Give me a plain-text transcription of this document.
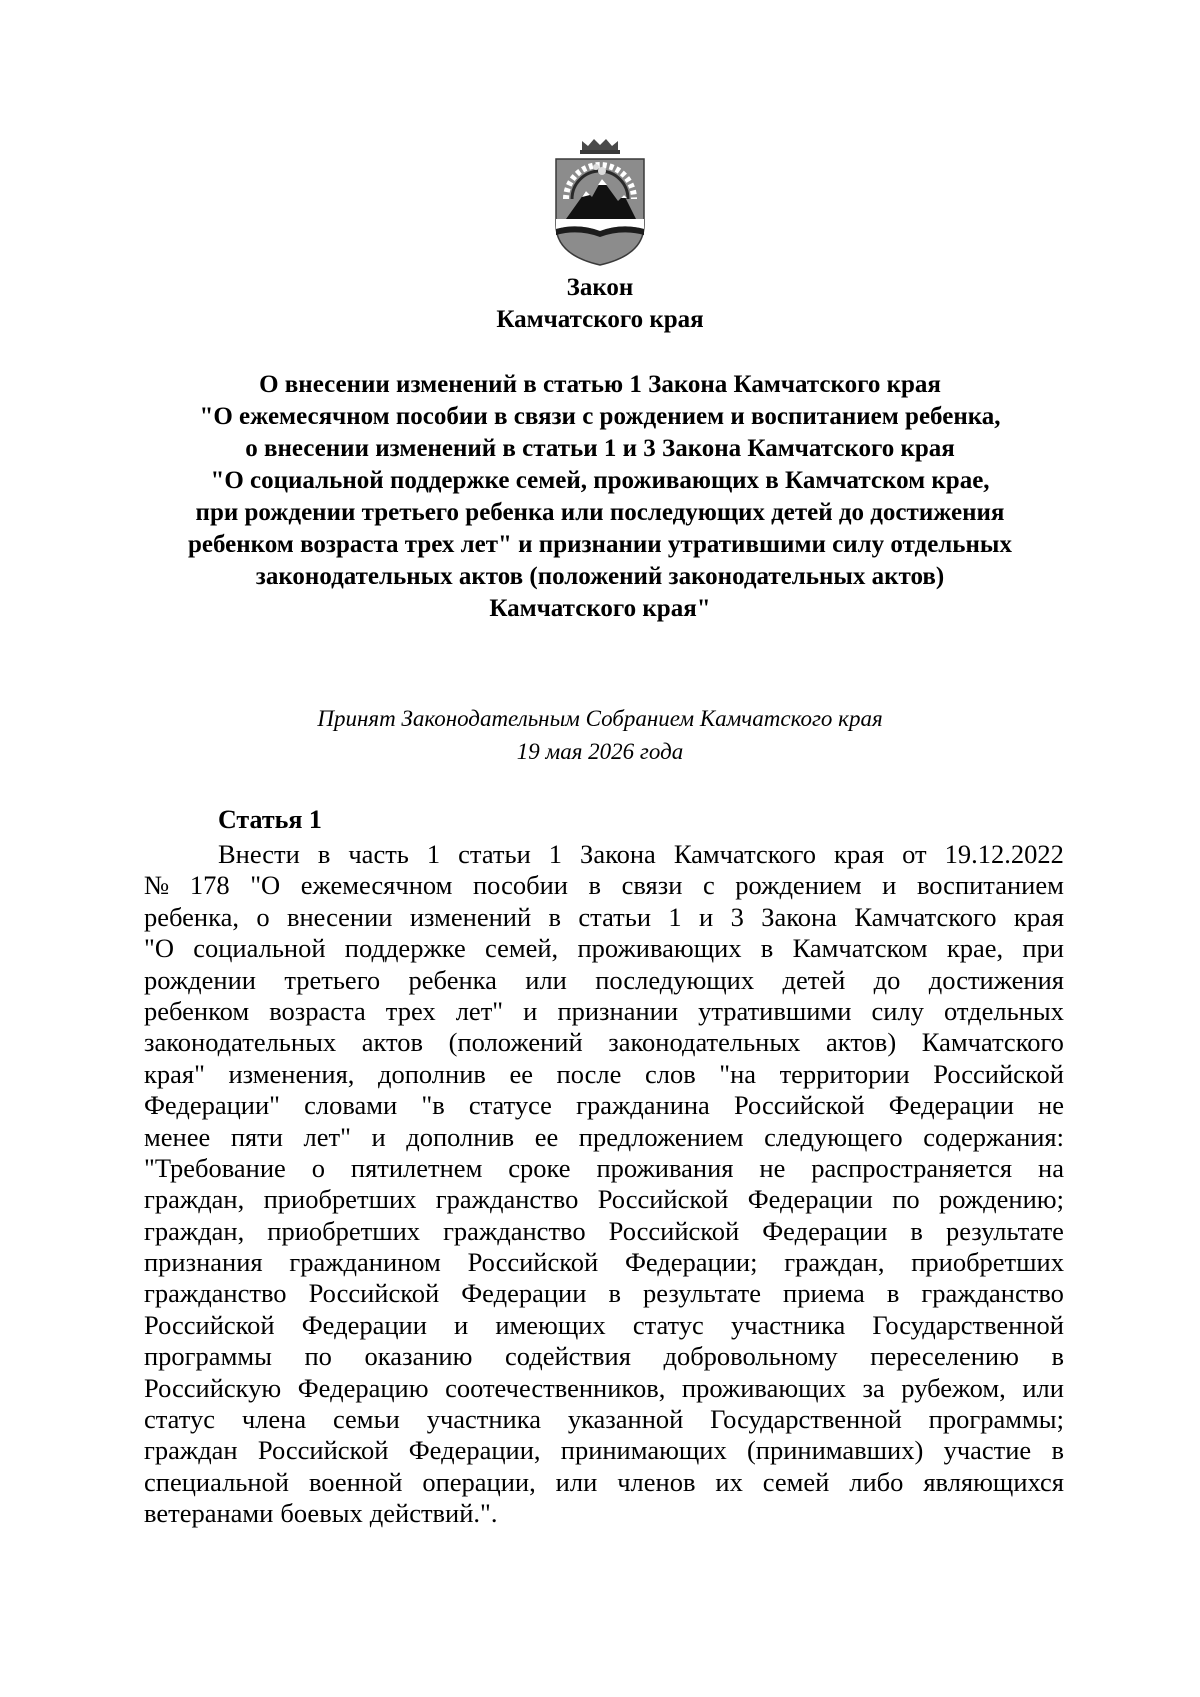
Закон
Камчатского края
О внесении изменений в статью 1 Закона Камчатского края
"О ежемесячном пособии в связи с рождением и воспитанием ребенка,
о внесении изменений в статьи 1 и 3 Закона Камчатского края
"О социальной поддержке семей, проживающих в Камчатском крае,
при рождении третьего ребенка или последующих детей до достижения
ребенком возраста трех лет" и признании утратившими силу отдельных
законодательных актов (положений законодательных актов)
Камчатского края"
Принят Законодательным Собранием Камчатского края
19 мая 2026 года
Статья 1
Внести в часть 1 статьи 1 Закона Камчатского края от 19.12.2022
№ 178 "О ежемесячном пособии в связи с рождением и воспитанием
ребенка, о внесении изменений в статьи 1 и 3 Закона Камчатского края
"О социальной поддержке семей, проживающих в Камчатском крае, при
рождении третьего ребенка или последующих детей до достижения
ребенком возраста трех лет" и признании утратившими силу отдельных
законодательных актов (положений законодательных актов) Камчатского
края" изменения, дополнив ее после слов "на территории Российской
Федерации" словами "в статусе гражданина Российской Федерации не
менее пяти лет" и дополнив ее предложением следующего содержания:
"Требование о пятилетнем сроке проживания не распространяется на
граждан, приобретших гражданство Российской Федерации по рождению;
граждан, приобретших гражданство Российской Федерации в результате
признания гражданином Российской Федерации; граждан, приобретших
гражданство Российской Федерации в результате приема в гражданство
Российской Федерации и имеющих статус участника Государственной
программы по оказанию содействия добровольному переселению в
Российскую Федерацию соотечественников, проживающих за рубежом, или
статус члена семьи участника указанной Государственной программы;
граждан Российской Федерации, принимающих (принимавших) участие в
специальной военной операции, или членов их семей либо являющихся
ветеранами боевых действий.".
